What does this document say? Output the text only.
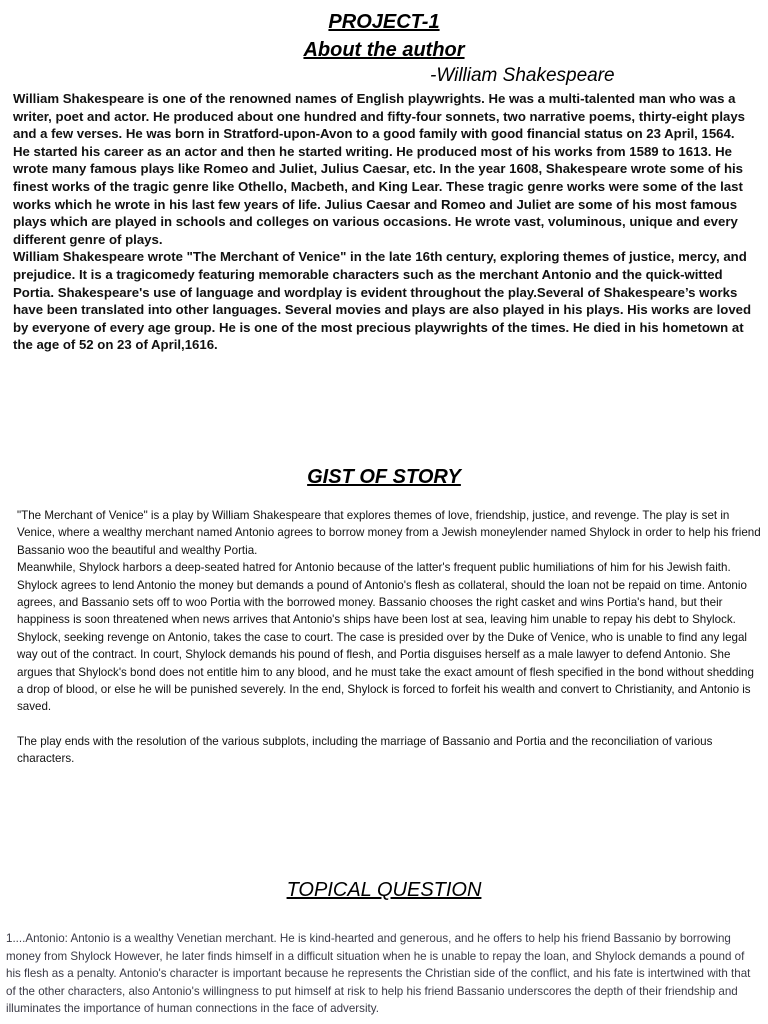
PROJECT-1
About the author
-William Shakespeare

William Shakespeare is one of the renowned names of English playwrights. He was a multi-talented man who was a writer, poet and actor. He produced about one hundred and fifty-four sonnets, two narrative poems, thirty-eight plays and a few verses. He was born in Stratford-upon-Avon to a good family with good financial status on 23 April, 1564.

He started his career as an actor and then he started writing. He produced most of his works from 1589 to 1613. He wrote many famous plays like Romeo and Juliet, Julius Caesar, etc. In the year 1608, Shakespeare wrote some of his finest works of the tragic genre like Othello, Macbeth, and King Lear. These tragic genre works were some of the last works which he wrote in his last few years of life. Julius Caesar and Romeo and Juliet are some of his most famous plays which are played in schools and colleges on various occasions. He wrote vast, voluminous, unique and every different genre of plays.

William Shakespeare wrote "The Merchant of Venice" in the late 16th century, exploring themes of justice, mercy, and prejudice. It is a tragicomedy featuring memorable characters such as the merchant Antonio and the quick-witted Portia. Shakespeare's use of language and wordplay is evident throughout the play.Several of Shakespeare’s works have been translated into other languages. Several movies and plays are also played in his plays. His works are loved by everyone of every age group. He is one of the most precious playwrights of the times. He died in his hometown at the age of 52 on 23 of April,1616.

GIST OF STORY

"The Merchant of Venice" is a play by William Shakespeare that explores themes of love, friendship, justice, and revenge. The play is set in Venice, where a wealthy merchant named Antonio agrees to borrow money from a Jewish moneylender named Shylock in order to help his friend Bassanio woo the beautiful and wealthy Portia.

Meanwhile, Shylock harbors a deep-seated hatred for Antonio because of the latter's frequent public humiliations of him for his Jewish faith. Shylock agrees to lend Antonio the money but demands a pound of Antonio's flesh as collateral, should the loan not be repaid on time. Antonio agrees, and Bassanio sets off to woo Portia with the borrowed money. Bassanio chooses the right casket and wins Portia's hand, but their happiness is soon threatened when news arrives that Antonio's ships have been lost at sea, leaving him unable to repay his debt to Shylock.

Shylock, seeking revenge on Antonio, takes the case to court. The case is presided over by the Duke of Venice, who is unable to find any legal way out of the contract. In court, Shylock demands his pound of flesh, and Portia disguises herself as a male lawyer to defend Antonio. She argues that Shylock's bond does not entitle him to any blood, and he must take the exact amount of flesh specified in the bond without shedding a drop of blood, or else he will be punished severely. In the end, Shylock is forced to forfeit his wealth and convert to Christianity, and Antonio is saved.

The play ends with the resolution of the various subplots, including the marriage of Bassanio and Portia and the reconciliation of various characters.

TOPICAL QUESTION

1....Antonio: Antonio is a wealthy Venetian merchant. He is kind-hearted and generous, and he offers to help his friend Bassanio by borrowing money from Shylock However, he later finds himself in a difficult situation when he is unable to repay the loan, and Shylock demands a pound of his flesh as a penalty. Antonio's character is important because he represents the Christian side of the conflict, and his fate is intertwined with that of the other characters, also Antonio's willingness to put himself at risk to help his friend Bassanio underscores the depth of their friendship and illuminates the importance of human connections in the face of adversity.
